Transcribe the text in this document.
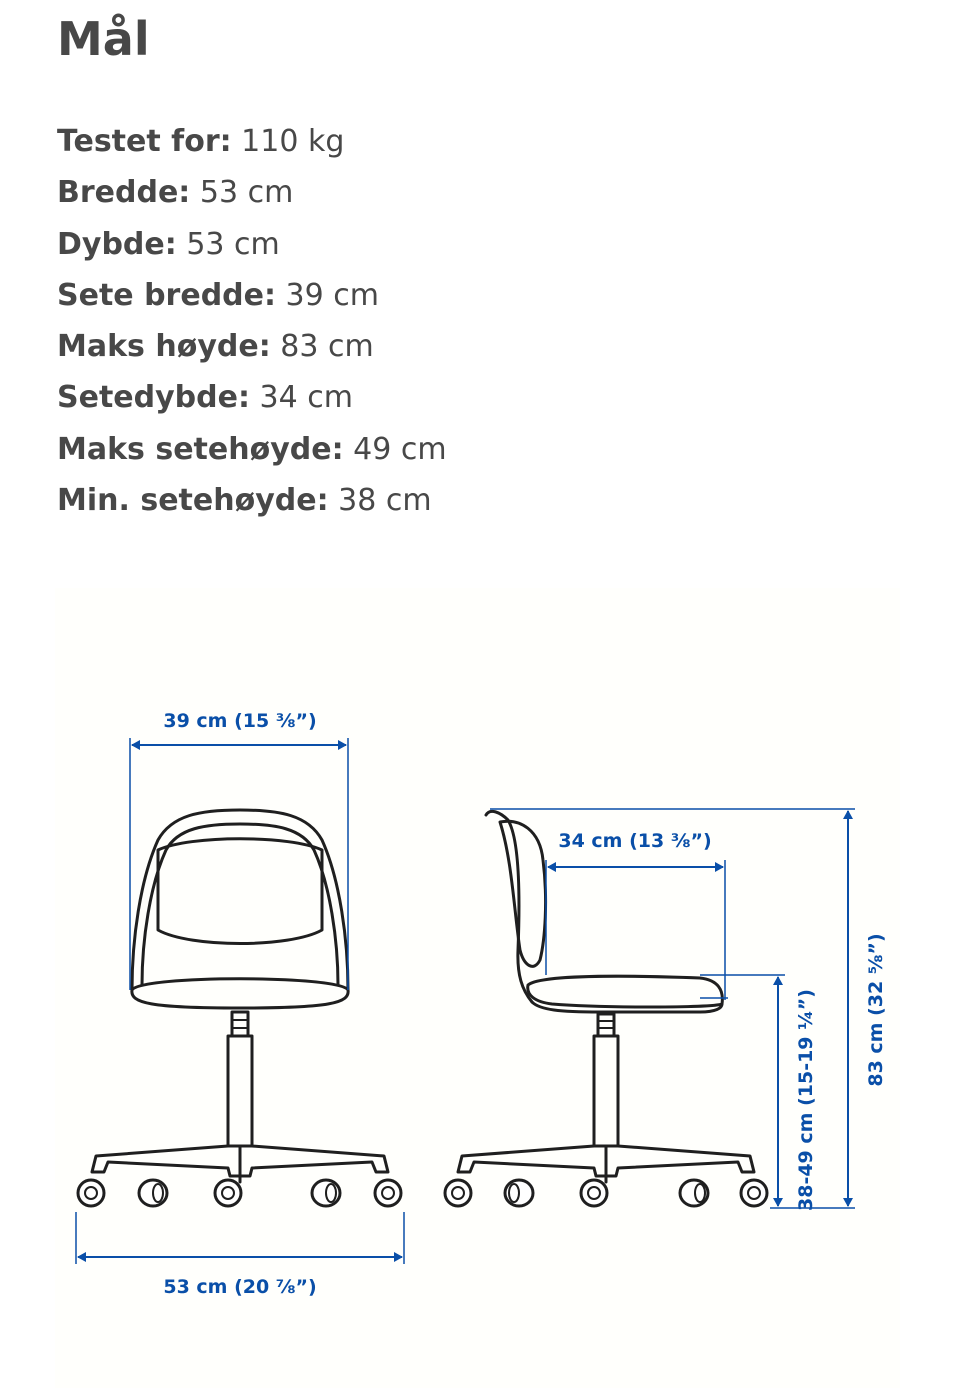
Mål
Testet for: 110 kg
Bredde: 53 cm
Dybde: 53 cm
Sete bredde: 39 cm
Maks høyde: 83 cm
Setedybde: 34 cm
Maks setehøyde: 49 cm
Min. setehøyde: 38 cm
39 cm (15 ⅜”)
53 cm (20 ⅞”)
34 cm (13 ⅜”)
83 cm (32 ⅝”)
38-49 cm (15-19 ¼”)
